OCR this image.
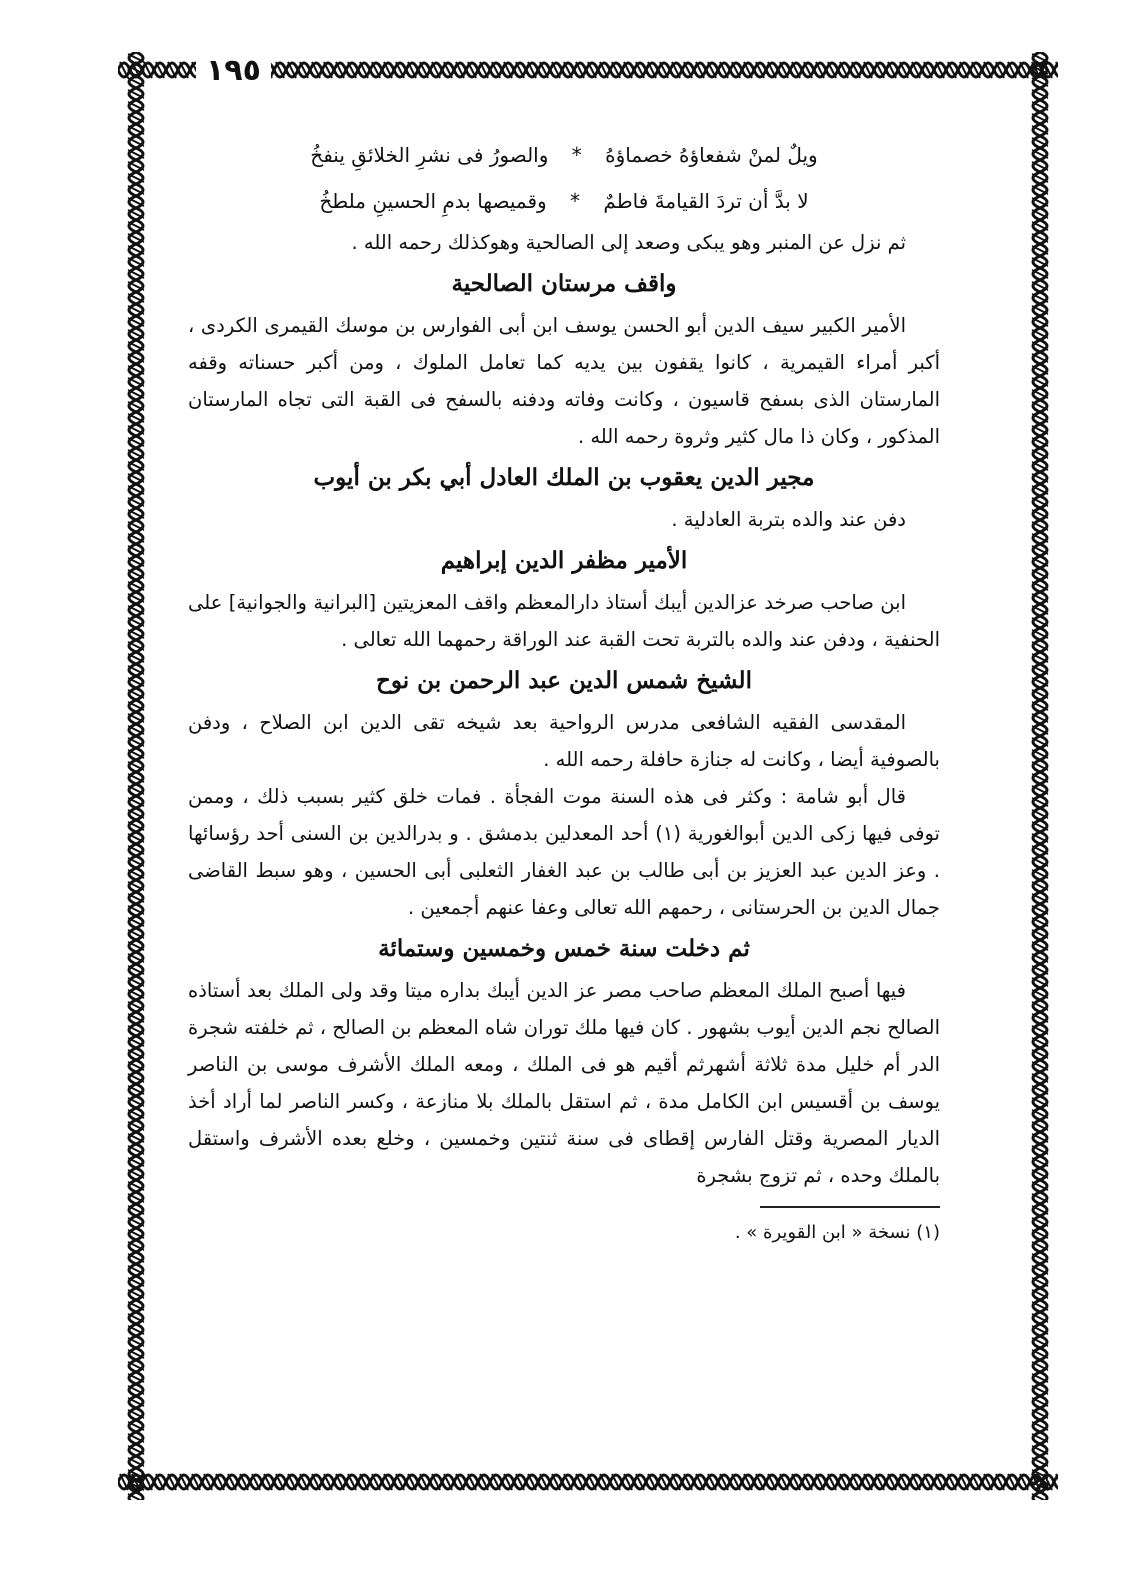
١٩٥

ويلٌ لمنْ شفعاؤهُ خصماؤهُ * والصورُ فى نشرِ الخلائقِ ينفخُ

لا بدَّ أن تردَ القيامةَ فاطمٌ * وقميصها بدمِ الحسينِ ملطخُ

ثم نزل عن المنبر وهو يبكى وصعد إلى الصالحية وهوكذلك رحمه الله .

واقف مرستان الصالحية

الأمير الكبير سيف الدين أبو الحسن يوسف ابن أبى الفوارس بن موسك القيمرى الكردى ، أكبر أمراء القيمرية ، كانوا يقفون بين يديه كما تعامل الملوك ، ومن أكبر حسناته وقفه المارستان الذى بسفح قاسيون ، وكانت وفاته ودفنه بالسفح فى القبة التى تجاه المارستان المذكور ، وكان ذا مال كثير وثروة رحمه الله .

مجير الدين يعقوب بن الملك العادل أبي بكر بن أيوب

دفن عند والده بتربة العادلية .

الأمير مظفر الدين إبراهيم

ابن صاحب صرخد عزالدين أيبك أستاذ دارالمعظم واقف المعزيتين [البرانية والجوانية] على الحنفية ، ودفن عند والده بالتربة تحت القبة عند الوراقة رحمهما الله تعالى .

الشيخ شمس الدين عبد الرحمن بن نوح

المقدسى الفقيه الشافعى مدرس الرواحية بعد شيخه تقى الدين ابن الصلاح ، ودفن بالصوفية أيضا ، وكانت له جنازة حافلة رحمه الله .

قال أبو شامة : وكثر فى هذه السنة موت الفجأة . فمات خلق كثير بسبب ذلك ، وممن توفى فيها زكى الدين أبوالغورية (١) أحد المعدلين بدمشق . و بدرالدين بن السنى أحد رؤسائها . وعز الدين عبد العزيز بن أبى طالب بن عبد الغفار الثعلبى أبى الحسين ، وهو سبط القاضى جمال الدين بن الحرستانى ، رحمهم الله تعالى وعفا عنهم أجمعين .

ثم دخلت سنة خمس وخمسين وستمائة

فيها أصبح الملك المعظم صاحب مصر عز الدين أيبك بداره ميتا وقد ولى الملك بعد أستاذه الصالح نجم الدين أيوب بشهور . كان فيها ملك توران شاه المعظم بن الصالح ، ثم خلفته شجرة الدر أم خليل مدة ثلاثة أشهرثم أقيم هو فى الملك ، ومعه الملك الأشرف موسى بن الناصر يوسف بن أقسيس ابن الكامل مدة ، ثم استقل بالملك بلا منازعة ، وكسر الناصر لما أراد أخذ الديار المصرية وقتل الفارس إقطاى فى سنة ثنتين وخمسين ، وخلع بعده الأشرف واستقل بالملك وحده ، ثم تزوج بشجرة

(١) نسخة « ابن القويرة » .
